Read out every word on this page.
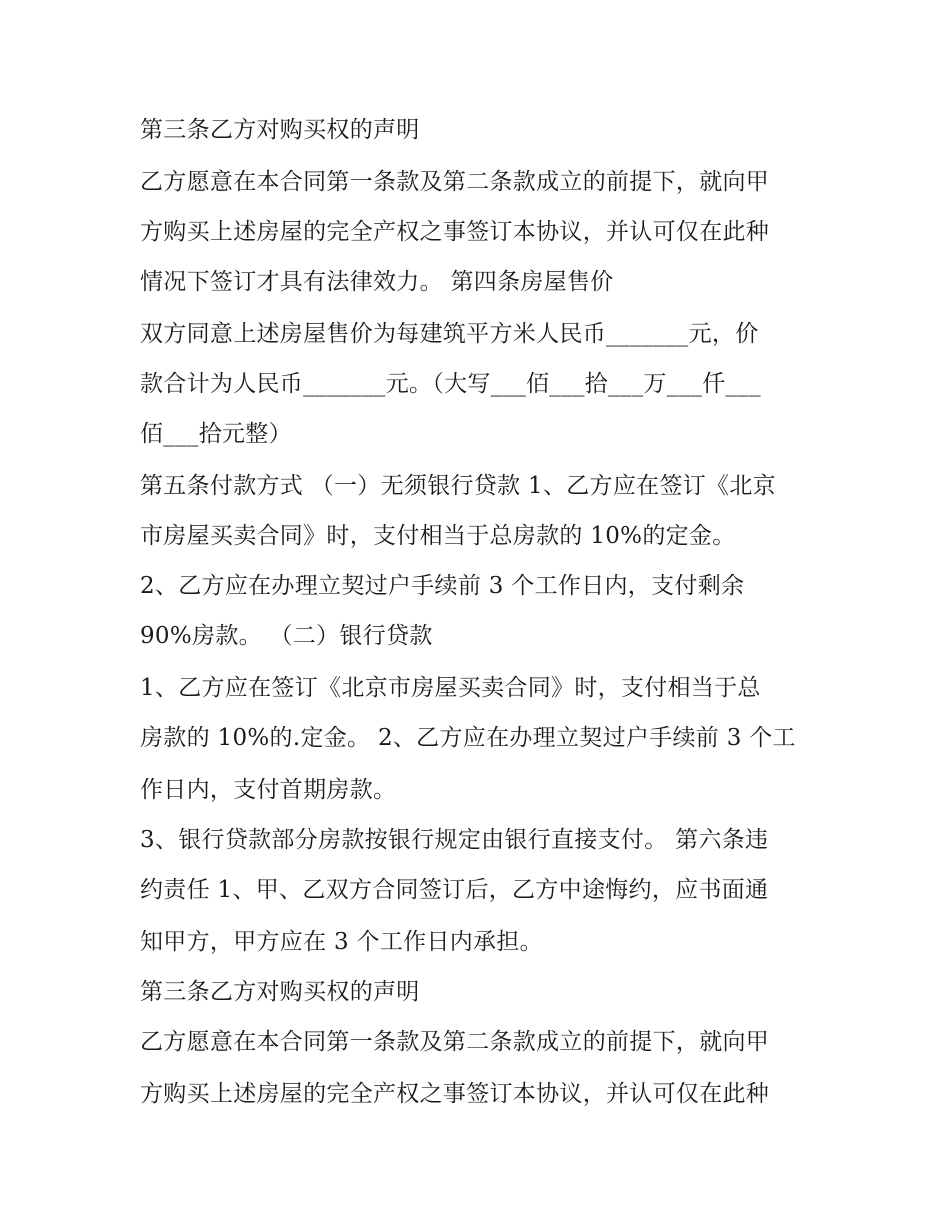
第三条乙方对购买权的声明
乙方愿意在本合同第一条款及第二条款成立的前提下，就向甲
方购买上述房屋的完全产权之事签订本协议，并认可仅在此种
情况下签订才具有法律效力。 第四条房屋售价
双方同意上述房屋售价为每建筑平方米人民币_______元，价
款合计为人民币_______元。（大写___佰___拾___万___仟___
佰___拾元整）
第五条付款方式 （一）无须银行贷款 1、乙方应在签订《北京
市房屋买卖合同》时，支付相当于总房款的 10%的定金。
2、乙方应在办理立契过户手续前 3 个工作日内，支付剩余
90%房款。 （二）银行贷款
1、乙方应在签订《北京市房屋买卖合同》时，支付相当于总
房款的 10%的.定金。 2、乙方应在办理立契过户手续前 3 个工
作日内，支付首期房款。
3、银行贷款部分房款按银行规定由银行直接支付。 第六条违
约责任 1、甲、乙双方合同签订后，乙方中途悔约，应书面通
知甲方，甲方应在 3 个工作日内承担。
第三条乙方对购买权的声明
乙方愿意在本合同第一条款及第二条款成立的前提下，就向甲
方购买上述房屋的完全产权之事签订本协议，并认可仅在此种
